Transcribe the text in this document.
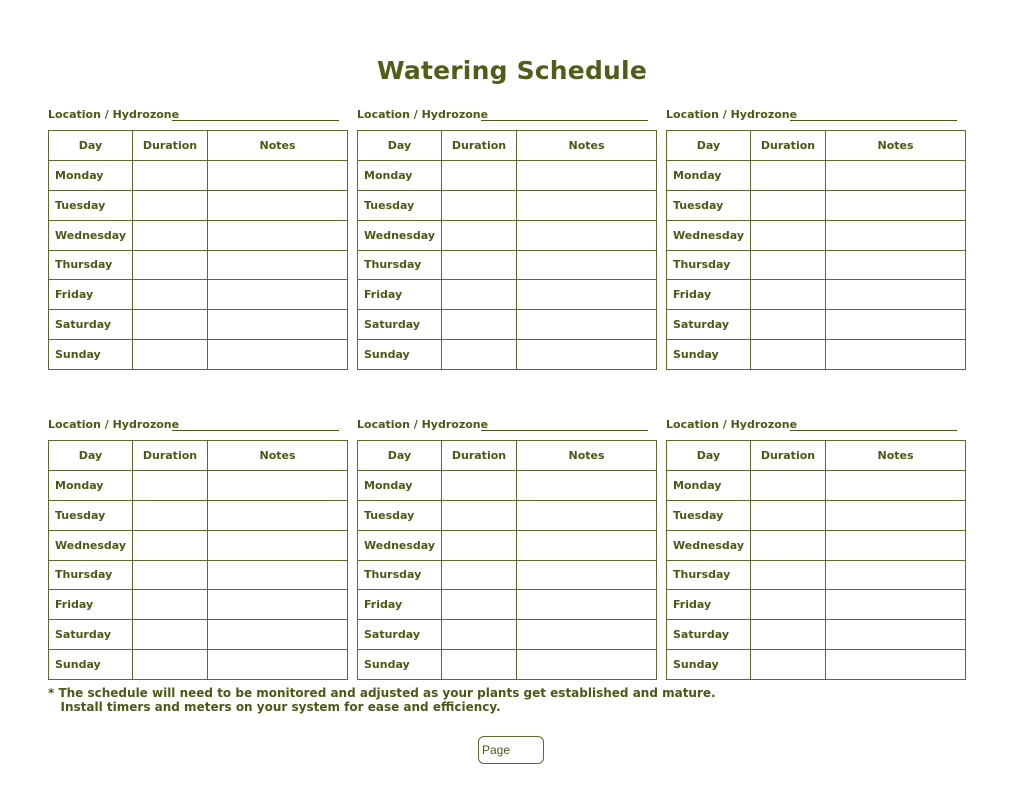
Watering Schedule
Location / Hydrozone
Day	Duration	Notes
Monday		
Tuesday		
Wednesday		
Thursday		
Friday		
Saturday		
Sunday		
Location / Hydrozone
Day	Duration	Notes
Monday		
Tuesday		
Wednesday		
Thursday		
Friday		
Saturday		
Sunday		
Location / Hydrozone
Day	Duration	Notes
Monday		
Tuesday		
Wednesday		
Thursday		
Friday		
Saturday		
Sunday		
Location / Hydrozone
Day	Duration	Notes
Monday		
Tuesday		
Wednesday		
Thursday		
Friday		
Saturday		
Sunday		
Location / Hydrozone
Day	Duration	Notes
Monday		
Tuesday		
Wednesday		
Thursday		
Friday		
Saturday		
Sunday		
Location / Hydrozone
Day	Duration	Notes
Monday		
Tuesday		
Wednesday		
Thursday		
Friday		
Saturday		
Sunday		
* The schedule will need to be monitored and adjusted as your plants get established and mature.
Install timers and meters on your system for ease and efficiency.
Page
